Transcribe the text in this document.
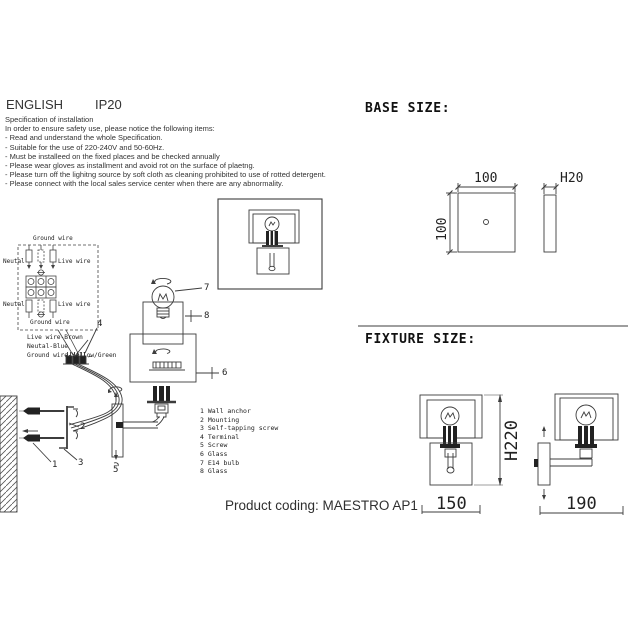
ENGLISH IP20
Specification of installation
In order to ensure safety use, please notice the following items:
- Read and understand the whole Specification.
- Suitable for the use of 220-240V and 50-60Hz.
- Must be installeed on the fixed places and be checked annually
- Please wear gloves as installment and avoid rot on the surface of plaetng.
- Please turn off the lighitng source by soft cloth as cleaning prohibited to use of rotted detergent.
- Please connect with the local sales service center when there are any abnormality.
Ground wire
Neutal	Live wire
Neutal	Live wire
Ground wire
Live wire-Brown
Neutal-Blue
Ground wire-Yellow/Green
4
7
8
6
2
1 3
5
1 Wall anchor
2 Mounting
3 Self-tapping screw
4 Terminal
5 Screw
6 Glass
7 E14 bulb
8 Glass
BASE SIZE:
100
100
H20
FIXTURE SIZE:
H220
150	190
Product coding: MAESTRO AP1
